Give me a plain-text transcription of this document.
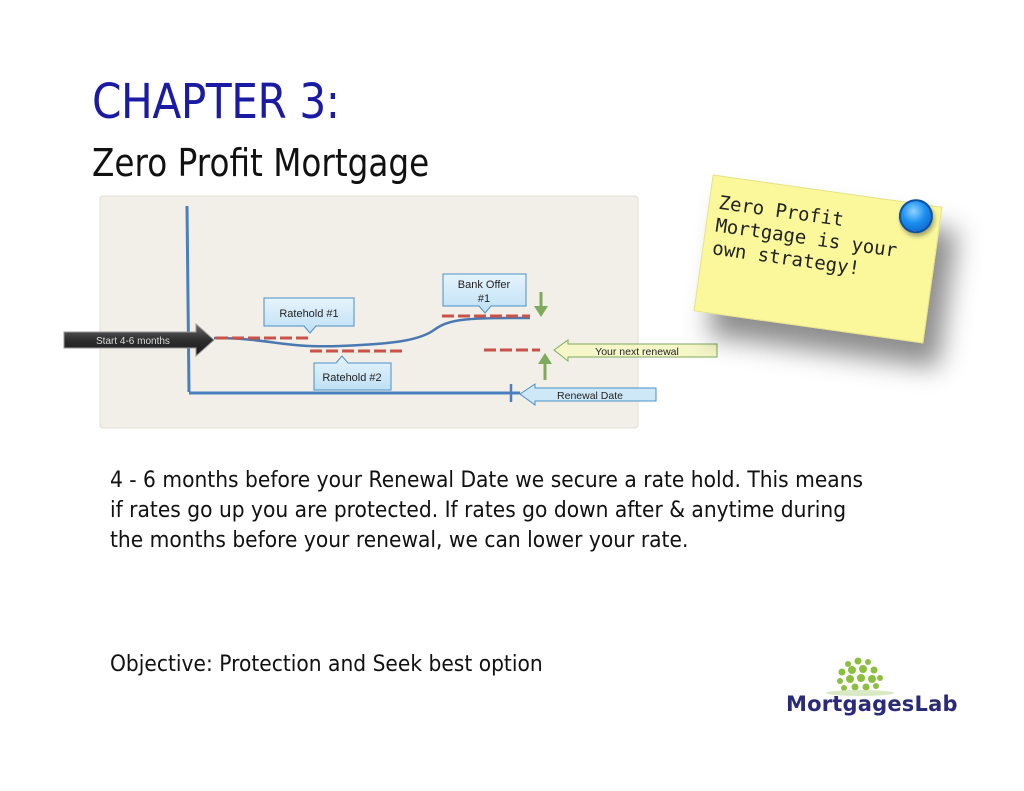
CHAPTER 3:
Zero Profit Mortgage
Start 4-6 months
Ratehold #1
Ratehold #2
Bank Offer
#1
Your next renewal
Renewal Date
Zero Profit
Mortgage is your
own strategy!
4 - 6 months before your Renewal Date we secure a rate hold. This means if rates go up you are protected. If rates go down after & anytime during the months before your renewal, we can lower your rate.
Objective: Protection and Seek best option
MortgagesLab
